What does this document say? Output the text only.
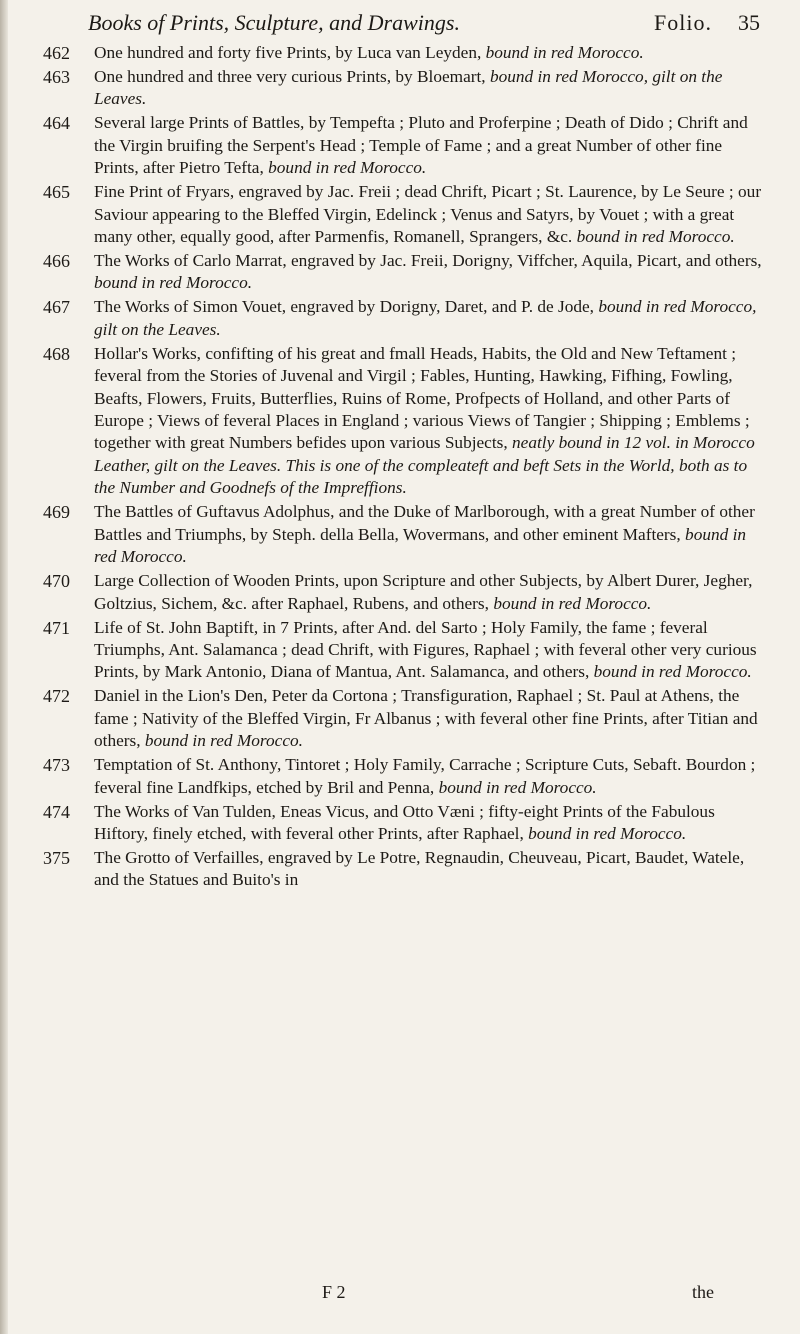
Books of Prints, Sculpture, and Drawings.	Folio. 35
462 One hundred and forty five Prints, by Luca van Leyden, bound in red Morocco.
463 One hundred and three very curious Prints, by Bloemart, bound in red Morocco, gilt on the Leaves.
464 Several large Prints of Battles, by Tempefta ; Pluto and Proferpine ; Death of Dido ; Chrift and the Virgin bruifing the Serpent's Head ; Temple of Fame ; and a great Number of other fine Prints, after Pietro Tefta, bound in red Morocco.
465 Fine Print of Fryars, engraved by Jac. Freii ; dead Chrift, Picart ; St. Laurence, by Le Seure ; our Saviour appearing to the Bleffed Virgin, Edelinck ; Venus and Satyrs, by Vouet ; with a great many other, equally good, after Parmenfis, Romanell, Sprangers, &c. bound in red Morocco.
466 The Works of Carlo Marrat, engraved by Jac. Freii, Dorigny, Viffcher, Aquila, Picart, and others, bound in red Morocco.
467 The Works of Simon Vouet, engraved by Dorigny, Daret, and P. de Jode, bound in red Morocco, gilt on the Leaves.
468 Hollar's Works, confifting of his great and fmall Heads, Habits, the Old and New Teftament ; feveral from the Stories of Juvenal and Virgil ; Fables, Hunting, Hawking, Fifhing, Fowling, Beafts, Flowers, Fruits, Butterflies, Ruins of Rome, Profpects of Holland, and other Parts of Europe ; Views of feveral Places in England ; various Views of Tangier ; Shipping ; Emblems ; together with great Numbers befides upon various Subjects, neatly bound in 12 vol. in Morocco Leather, gilt on the Leaves. This is one of the compleateft and beft Sets in the World, both as to the Number and Goodnefs of the Impreffions.
469 The Battles of Guftavus Adolphus, and the Duke of Marlborough, with a great Number of other Battles and Triumphs, by Steph. della Bella, Wovermans, and other eminent Mafters, bound in red Morocco.
470 Large Collection of Wooden Prints, upon Scripture and other Subjects, by Albert Durer, Jegher, Goltzius, Sichem, &c. after Raphael, Rubens, and others, bound in red Morocco.
471 Life of St. John Baptift, in 7 Prints, after And. del Sarto ; Holy Family, the fame ; feveral Triumphs, Ant. Salamanca ; dead Chrift, with Figures, Raphael ; with feveral other very curious Prints, by Mark Antonio, Diana of Mantua, Ant. Salamanca, and others, bound in red Morocco.
472 Daniel in the Lion's Den, Peter da Cortona ; Transfiguration, Raphael ; St. Paul at Athens, the fame ; Nativity of the Bleffed Virgin, Fr Albanus ; with feveral other fine Prints, after Titian and others, bound in red Morocco.
473 Temptation of St. Anthony, Tintoret ; Holy Family, Carrache ; Scripture Cuts, Sebaft. Bourdon ; feveral fine Landfkips, etched by Bril and Penna, bound in red Morocco.
474 The Works of Van Tulden, Eneas Vicus, and Otto Væni ; fifty-eight Prints of the Fabulous Hiftory, finely etched, with feveral other Prints, after Raphael, bound in red Morocco.
375 The Grotto of Verfailles, engraved by Le Potre, Regnaudin, Cheuveau, Picart, Baudet, Watele, and the Statues and Buito's in
F 2	the
